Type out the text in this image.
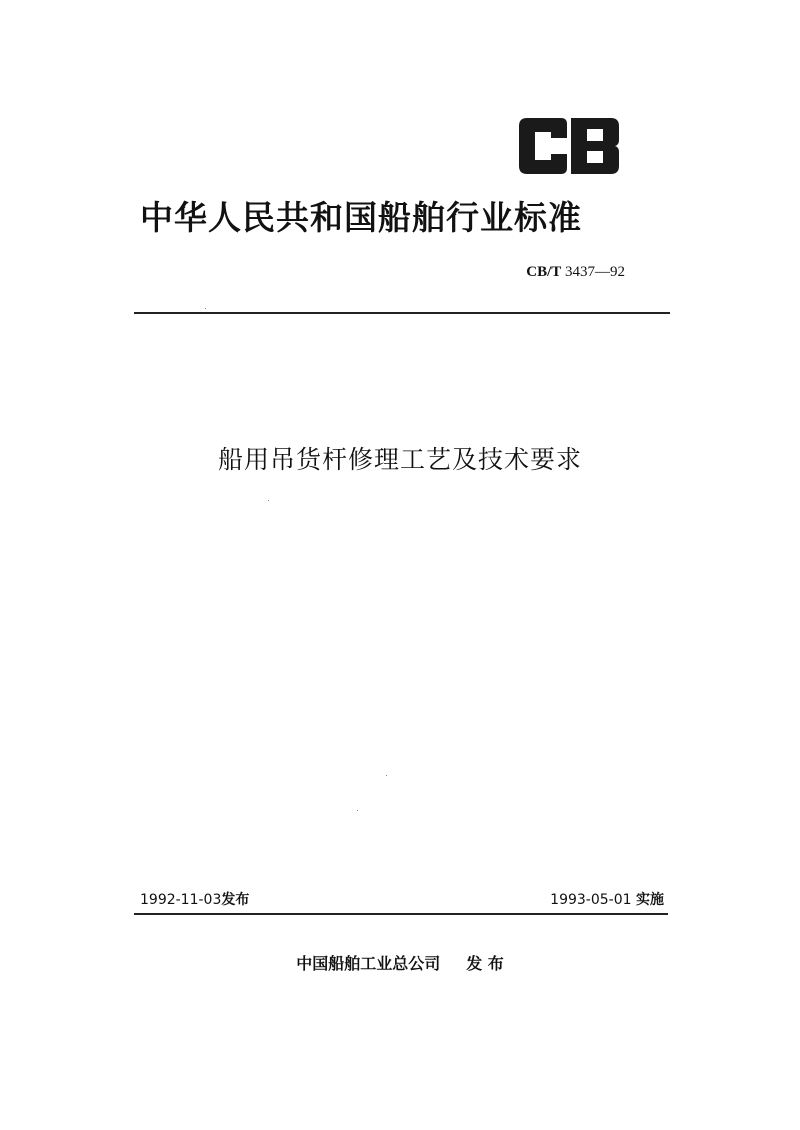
中华人民共和国船舶行业标准
CB/T 3437—92
船用吊货杆修理工艺及技术要求
1992-11-03发布	1993-05-01 实施
中国船舶工业总公司 发 布
